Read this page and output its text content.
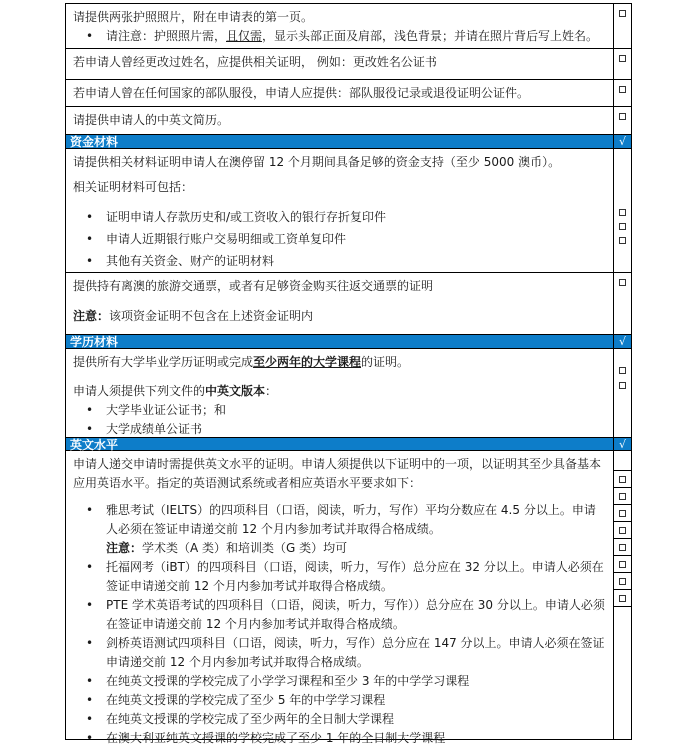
请提供两张护照照片，附在申请表的第一页。
•	请注意：护照照片需，且仅需，显示头部正面及肩部，浅色背景；并请在照片背后写上姓名。
若申请人曾经更改过姓名，应提供相关证明， 例如：更改姓名公证书
若申请人曾在任何国家的部队服役，申请人应提供：部队服役记录或退役证明公证件。
请提供申请人的中英文简历。
资金材料	√
请提供相关材料证明申请人在澳停留 12 个月期间具备足够的资金支持（至少 5000 澳币）。
相关证明材料可包括：
•	证明申请人存款历史和/或工资收入的银行存折复印件
•	申请人近期银行账户交易明细或工资单复印件
•	其他有关资金、财产的证明材料
提供持有离澳的旅游交通票，或者有足够资金购买往返交通票的证明
注意：该项资金证明不包含在上述资金证明内
学历材料	√
提供所有大学毕业学历证明或完成至少两年的大学课程的证明。
申请人须提供下列文件的中英文版本：
•	大学毕业证公证书；和
•	大学成绩单公证书
英文水平	√
申请人递交申请时需提供英文水平的证明。申请人须提供以下证明中的一项，以证明其至少具备基本应用英语水平。指定的英语测试系统或者相应英语水平要求如下：
•	雅思考试（IELTS）的四项科目（口语，阅读，听力，写作）平均分数应在 4.5 分以上。申请人必须在签证申请递交前 12 个月内参加考试并取得合格成绩。
注意：学术类（A 类）和培训类（G 类）均可
•	托福网考（iBT）的四项科目（口语，阅读，听力，写作）总分应在 32 分以上。申请人必须在签证申请递交前 12 个月内参加考试并取得合格成绩。
•	PTE 学术英语考试的四项科目（口语，阅读，听力，写作））总分应在 30 分以上。申请人必须在签证申请递交前 12 个月内参加考试并取得合格成绩。
•	剑桥英语测试四项科目（口语，阅读，听力，写作）总分应在 147 分以上。申请人必须在签证申请递交前 12 个月内参加考试并取得合格成绩。
•	在纯英文授课的学校完成了小学学习课程和至少 3 年的中学学习课程
•	在纯英文授课的学校完成了至少 5 年的中学学习课程
•	在纯英文授课的学校完成了至少两年的全日制大学课程
•	在澳大利亚纯英文授课的学校完成了至少 1 年的全日制大学课程
